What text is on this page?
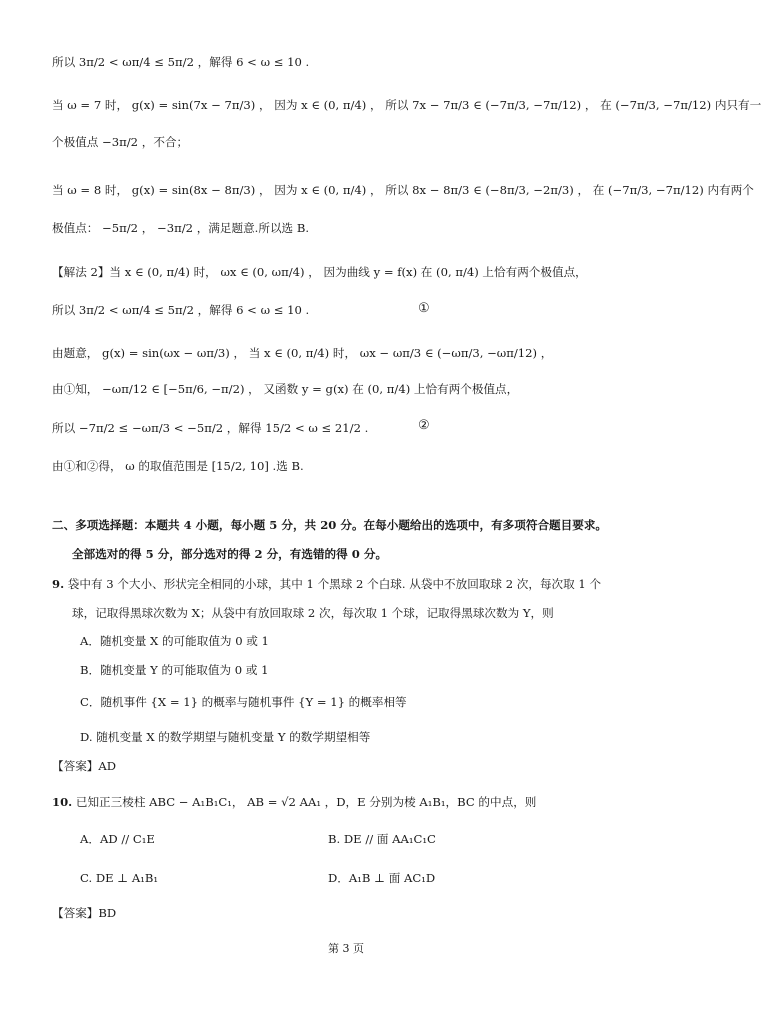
所以 3π/2 < ωπ/4 ≤ 5π/2 ，解得 6 < ω ≤ 10 .
当 ω = 7 时， g(x) = sin(7x − 7π/3) ， 因为 x ∈ (0, π/4) ， 所以 7x − 7π/3 ∈ (−7π/3, −7π/12) ， 在 (−7π/3, −7π/12) 内只有一
个极值点 −3π/2 ，不合；
当 ω = 8 时， g(x) = sin(8x − 8π/3) ， 因为 x ∈ (0, π/4) ， 所以 8x − 8π/3 ∈ (−8π/3, −2π/3) ， 在 (−7π/3, −7π/12) 内有两个
极值点： −5π/2 ， −3π/2 ，满足题意.所以选 B.
【解法 2】当 x ∈ (0, π/4) 时， ωx ∈ (0, ωπ/4) ， 因为曲线 y = f(x) 在 (0, π/4) 上恰有两个极值点，
所以 3π/2 < ωπ/4 ≤ 5π/2 ，解得 6 < ω ≤ 10 .	①
由题意， g(x) = sin(ωx − ωπ/3) ， 当 x ∈ (0, π/4) 时， ωx − ωπ/3 ∈ (−ωπ/3, −ωπ/12) ，
由①知， −ωπ/12 ∈ [−5π/6, −π/2) ， 又函数 y = g(x) 在 (0, π/4) 上恰有两个极值点，
所以 −7π/2 ≤ −ωπ/3 < −5π/2 ，解得 15/2 < ω ≤ 21/2 .	②
由①和②得， ω 的取值范围是 [15/2, 10] .选 B.
二、多项选择题：本题共 4 小题，每小题 5 分，共 20 分。在每小题给出的选项中，有多项符合题目要求。
全部选对的得 5 分，部分选对的得 2 分，有选错的得 0 分。
9. 袋中有 3 个大小、形状完全相同的小球，其中 1 个黑球 2 个白球. 从袋中不放回取球 2 次，每次取 1 个
球，记取得黑球次数为 X；从袋中有放回取球 2 次，每次取 1 个球，记取得黑球次数为 Y，则
A．随机变量 X 的可能取值为 0 或 1
B．随机变量 Y 的可能取值为 0 或 1
C．随机事件 {X = 1} 的概率与随机事件 {Y = 1} 的概率相等
D. 随机变量 X 的数学期望与随机变量 Y 的数学期望相等
【答案】AD
10. 已知正三棱柱 ABC − A₁B₁C₁， AB = √2 AA₁ ，D，E 分别为棱 A₁B₁，BC 的中点，则
A．AD // C₁E	B. DE // 面 AA₁C₁C
C. DE ⊥ A₁B₁	D．A₁B ⊥ 面 AC₁D
【答案】BD
第 3 页
